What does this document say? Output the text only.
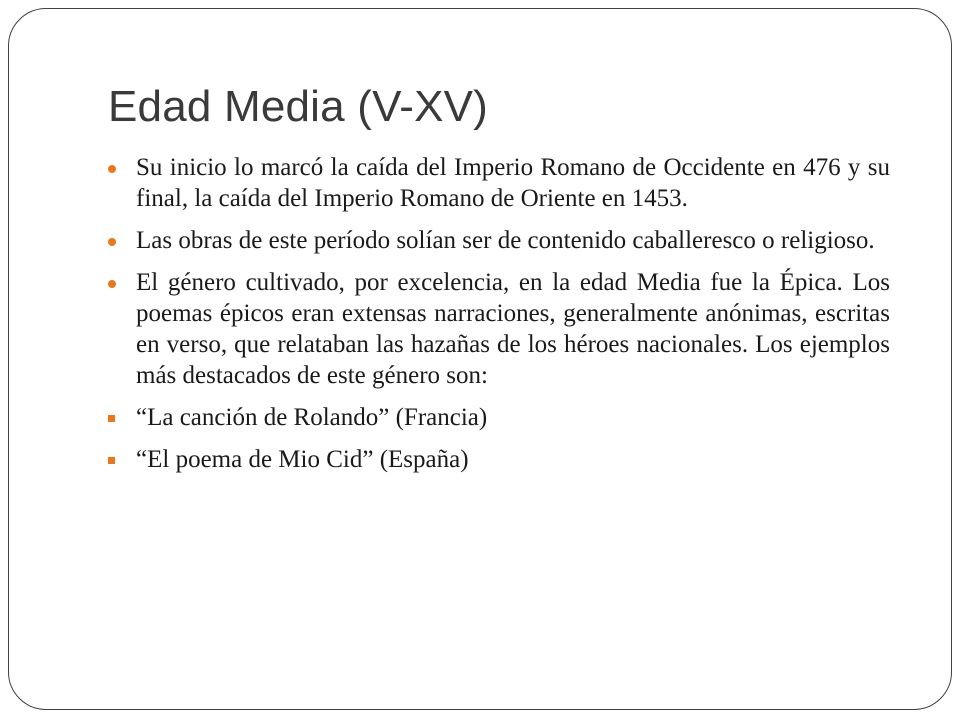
Edad Media (V-XV)
Su inicio lo marcó la caída del Imperio Romano de Occidente en 476 y su final, la caída del Imperio Romano de Oriente en 1453.
Las obras de este período solían ser de contenido caballeresco o religioso.
El género cultivado, por excelencia, en la edad Media fue la Épica. Los poemas épicos eran extensas narraciones, generalmente anónimas, escritas en verso, que relataban las hazañas de los héroes nacionales. Los ejemplos más destacados de este género son:
“La canción de Rolando” (Francia)
“El poema de Mio Cid” (España)
